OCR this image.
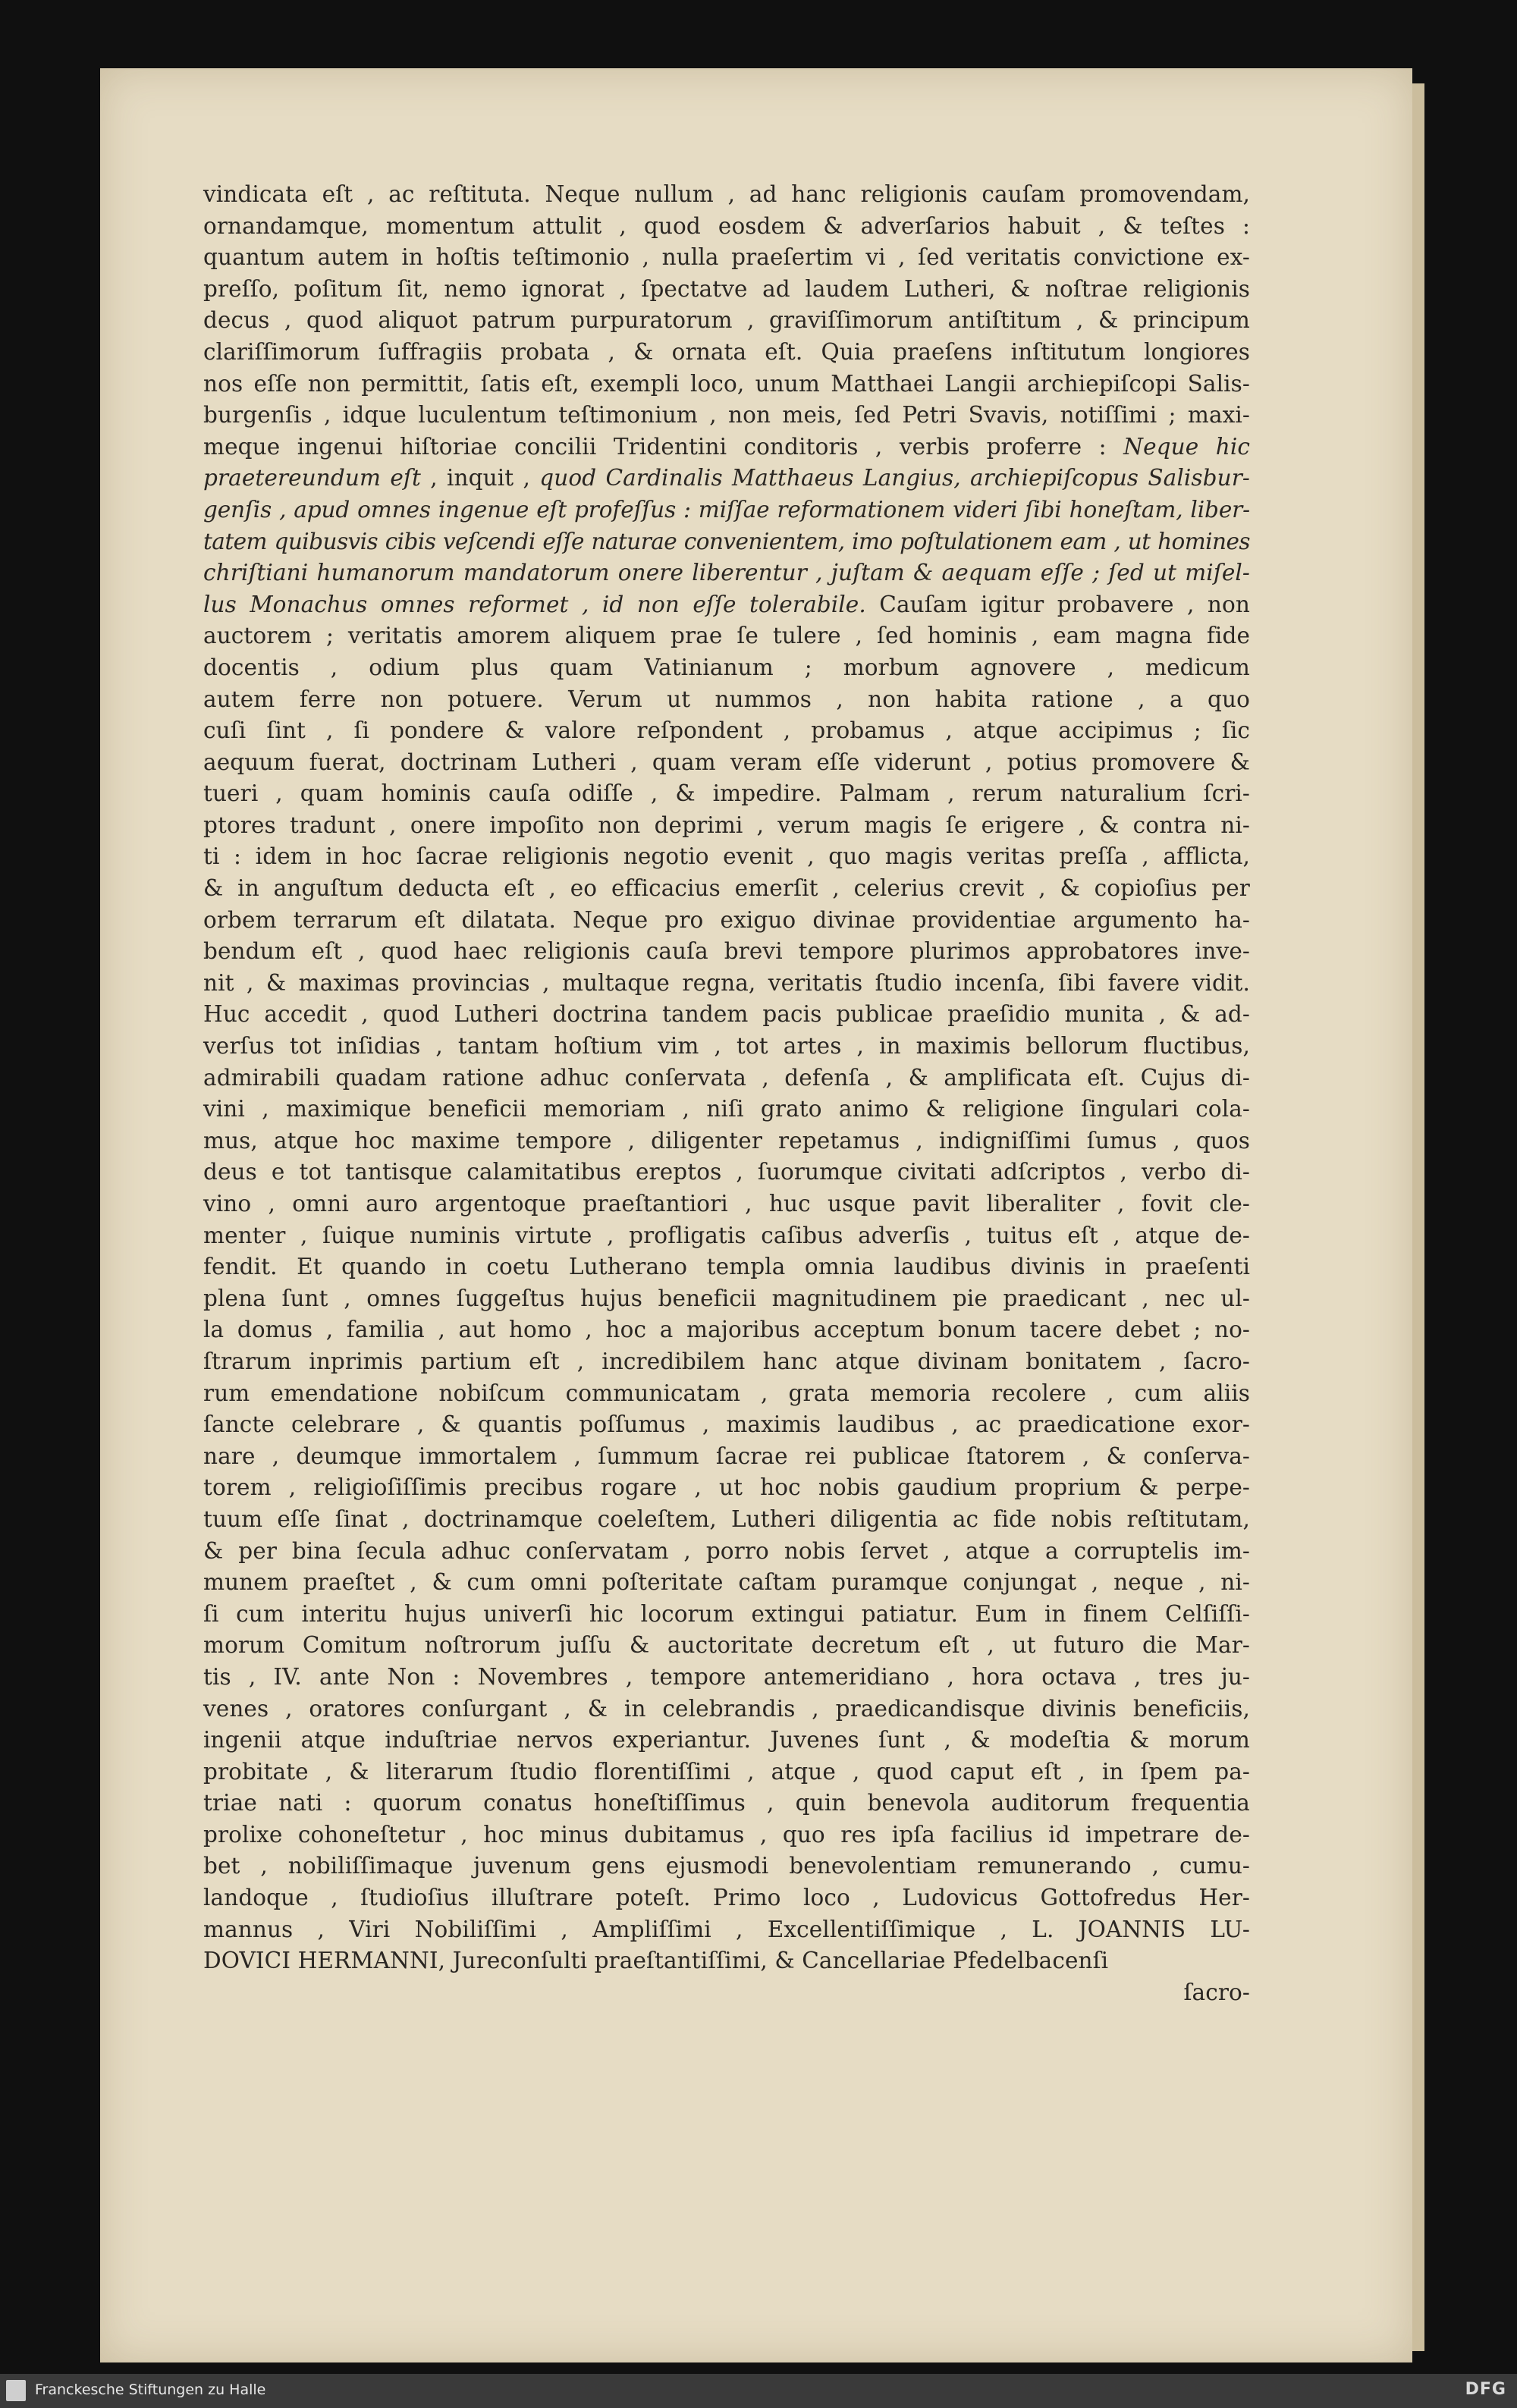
vindicata eſt , ac reſtituta. Neque nullum , ad hanc religionis cauſam promovendam,
ornandamque, momentum attulit , quod eosdem & adverſarios habuit , & teſtes :
quantum autem in hoſtis teſtimonio , nulla praeſertim vi , ſed veritatis convictione ex-
preſſo, poſitum ſit, nemo ignorat , ſpectatve ad laudem Lutheri, & noſtrae religionis
decus , quod aliquot patrum purpuratorum , graviſſimorum antiſtitum , & principum
clariſſimorum ſuffragiis probata , & ornata eſt. Quia praeſens inſtitutum longiores
nos eſſe non permittit, ſatis eſt, exempli loco, unum Matthaei Langii archiepiſcopi Salis-
burgenſis , idque luculentum teſtimonium , non meis, ſed Petri Svavis, notiſſimi ; maxi-
meque ingenui hiſtoriae concilii Tridentini conditoris , verbis proferre : Neque hic
praetereundum eſt , inquit , quod Cardinalis Matthaeus Langius, archiepiſcopus Salisbur-
genſis , apud omnes ingenue eſt profeſſus : miſſae reformationem videri ſibi honeſtam, liber-
tatem quibusvis cibis veſcendi eſſe naturae convenientem, imo poſtulationem eam , ut homines
chriſtiani humanorum mandatorum onere liberentur , juſtam & aequam eſſe ; ſed ut miſel-
lus Monachus omnes reformet , id non eſſe tolerabile. Cauſam igitur probavere , non
auctorem ; veritatis amorem aliquem prae ſe tulere , ſed hominis , eam magna fide
docentis , odium plus quam Vatinianum ; morbum agnovere , medicum
autem ferre non potuere. Verum ut nummos , non habita ratione , a quo
cuſi ſint , ſi pondere & valore reſpondent , probamus , atque accipimus ; ſic
aequum fuerat, doctrinam Lutheri , quam veram eſſe viderunt , potius promovere &
tueri , quam hominis cauſa odiſſe , & impedire. Palmam , rerum naturalium ſcri-
ptores tradunt , onere impoſito non deprimi , verum magis ſe erigere , & contra ni-
ti : idem in hoc ſacrae religionis negotio evenit , quo magis veritas preſſa , afflicta,
& in anguſtum deducta eſt , eo efficacius emerſit , celerius crevit , & copioſius per
orbem terrarum eſt dilatata. Neque pro exiguo divinae providentiae argumento ha-
bendum eſt , quod haec religionis cauſa brevi tempore plurimos approbatores inve-
nit , & maximas provincias , multaque regna, veritatis ſtudio incenſa, ſibi favere vidit.
Huc accedit , quod Lutheri doctrina tandem pacis publicae praeſidio munita , & ad-
verſus tot inſidias , tantam hoſtium vim , tot artes , in maximis bellorum fluctibus,
admirabili quadam ratione adhuc conſervata , defenſa , & amplificata eſt. Cujus di-
vini , maximique beneficii memoriam , niſi grato animo & religione ſingulari cola-
mus, atque hoc maxime tempore , diligenter repetamus , indigniſſimi ſumus , quos
deus e tot tantisque calamitatibus ereptos , ſuorumque civitati adſcriptos , verbo di-
vino , omni auro argentoque praeſtantiori , huc usque pavit liberaliter , fovit cle-
menter , ſuique numinis virtute , profligatis caſibus adverſis , tuitus eſt , atque de-
fendit. Et quando in coetu Lutherano templa omnia laudibus divinis in praeſenti
plena ſunt , omnes ſuggeſtus hujus beneficii magnitudinem pie praedicant , nec ul-
la domus , familia , aut homo , hoc a majoribus acceptum bonum tacere debet ; no-
ſtrarum inprimis partium eſt , incredibilem hanc atque divinam bonitatem , ſacro-
rum emendatione nobiſcum communicatam , grata memoria recolere , cum aliis
ſancte celebrare , & quantis poſſumus , maximis laudibus , ac praedicatione exor-
nare , deumque immortalem , ſummum ſacrae rei publicae ſtatorem , & conſerva-
torem , religioſiſſimis precibus rogare , ut hoc nobis gaudium proprium & perpe-
tuum eſſe ſinat , doctrinamque coeleſtem, Lutheri diligentia ac fide nobis reſtitutam,
& per bina ſecula adhuc conſervatam , porro nobis ſervet , atque a corruptelis im-
munem praeſtet , & cum omni poſteritate caſtam puramque conjungat , neque , ni-
ſi cum interitu hujus univerſi hic locorum extingui patiatur. Eum in finem Celſiſſi-
morum Comitum noſtrorum juſſu & auctoritate decretum eſt , ut futuro die Mar-
tis , IV. ante Non : Novembres , tempore antemeridiano , hora octava , tres ju-
venes , oratores conſurgant , & in celebrandis , praedicandisque divinis beneficiis,
ingenii atque induſtriae nervos experiantur. Juvenes ſunt , & modeſtia & morum
probitate , & literarum ſtudio florentiſſimi , atque , quod caput eſt , in ſpem pa-
triae nati : quorum conatus honeſtiſſimus , quin benevola auditorum frequentia
prolixe cohoneſtetur , hoc minus dubitamus , quo res ipſa facilius id impetrare de-
bet , nobiliſſimaque juvenum gens ejusmodi benevolentiam remunerando , cumu-
landoque , ſtudioſius illuſtrare poteſt. Primo loco , Ludovicus Gottofredus Her-
mannus , Viri Nobiliſſimi , Ampliſſimi , Excellentiſſimique , L. JOANNIS LU-
DOVICI HERMANNI, Jureconſulti praeſtantiſſimi, & Cancellariae Pfedelbacenſi
ſacro-
Franckesche Stiftungen zu Halle	DFG
